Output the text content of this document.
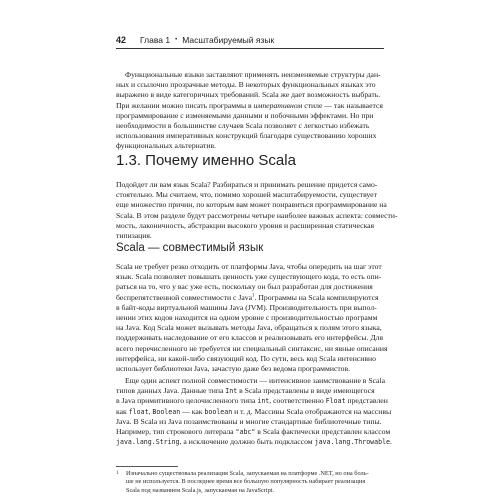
42 Глава 1 • Масштабируемый язык
Функциональные языки заставляют применять неизменяемые структуры дан-
ных и ссылочно прозрачные методы. В некоторых функциональных языках это
выражено в виде категоричных требований. Scala же дает возможность выбрать.
При желании можно писать программы в императивном стиле — так называется
программирование с изменяемыми данными и побочными эффектами. Но при
необходимости в большинстве случаев Scala позволяет с легкостью избежать
использования императивных конструкций благодаря существованию хороших
функциональных альтернатив.
1.3. Почему именно Scala
Подойдет ли вам язык Scala? Разбираться и принимать решение придется само-
стоятельно. Мы считаем, что, помимо хорошей масштабируемости, существует
еще множество причин, по которым вам может понравиться программирование на
Scala. В этом разделе будут рассмотрены четыре наиболее важных аспекта: совмести-
мость, лаконичность, абстракции высокого уровня и расширенная статическая
типизация.
Scala — совместимый язык
Scala не требует резко отходить от платформы Java, чтобы опередить на шаг этот
язык. Scala позволяет повышать ценность уже существующего кода, то есть опи-
раться на то, что у вас уже есть, поскольку он был разработан для достижения
беспрепятственной совместимости с Java$^1$. Программы на Scala компилируются
в байт-коды виртуальной машины Java (JVM). Производительность при выпол-
нении этих кодов находится на одном уровне с производительностью программ
на Java. Код Scala может вызывать методы Java, обращаться к полям этого языка,
поддерживать наследование от его классов и реализовывать его интерфейсы. Для
всего перечисленного не требуется ни специальный синтаксис, ни явные описания
интерфейса, ни какой-либо связующий код. По сути, весь код Scala интенсивно
использует библиотеки Java, зачастую даже без ведома программистов.
Еще один аспект полной совместимости — интенсивное заимствование в Scala
типов данных Java. Данные типа Int в Scala представлены в виде имеющегося
в Java примитивного целочисленного типа int, соответственно Float представлен
как float, Boolean — как boolean и т. д. Массивы Scala отображаются на массивы
Java. В Scala из Java позаимствованы и многие стандартные библиотечные типы.
Например, тип строкового литерала "abc" в Scala фактически представлен классом
java.lang.String, а исключение должно быть подклассом java.lang.Throwable.
1	Изначально существовала реализация Scala, запускаемая на платформе .NET, но она боль-
ше не используется. В последнее время все большую популярность набирает реализация
Scala под названием Scala.js, запускаемая на JavaScript.
